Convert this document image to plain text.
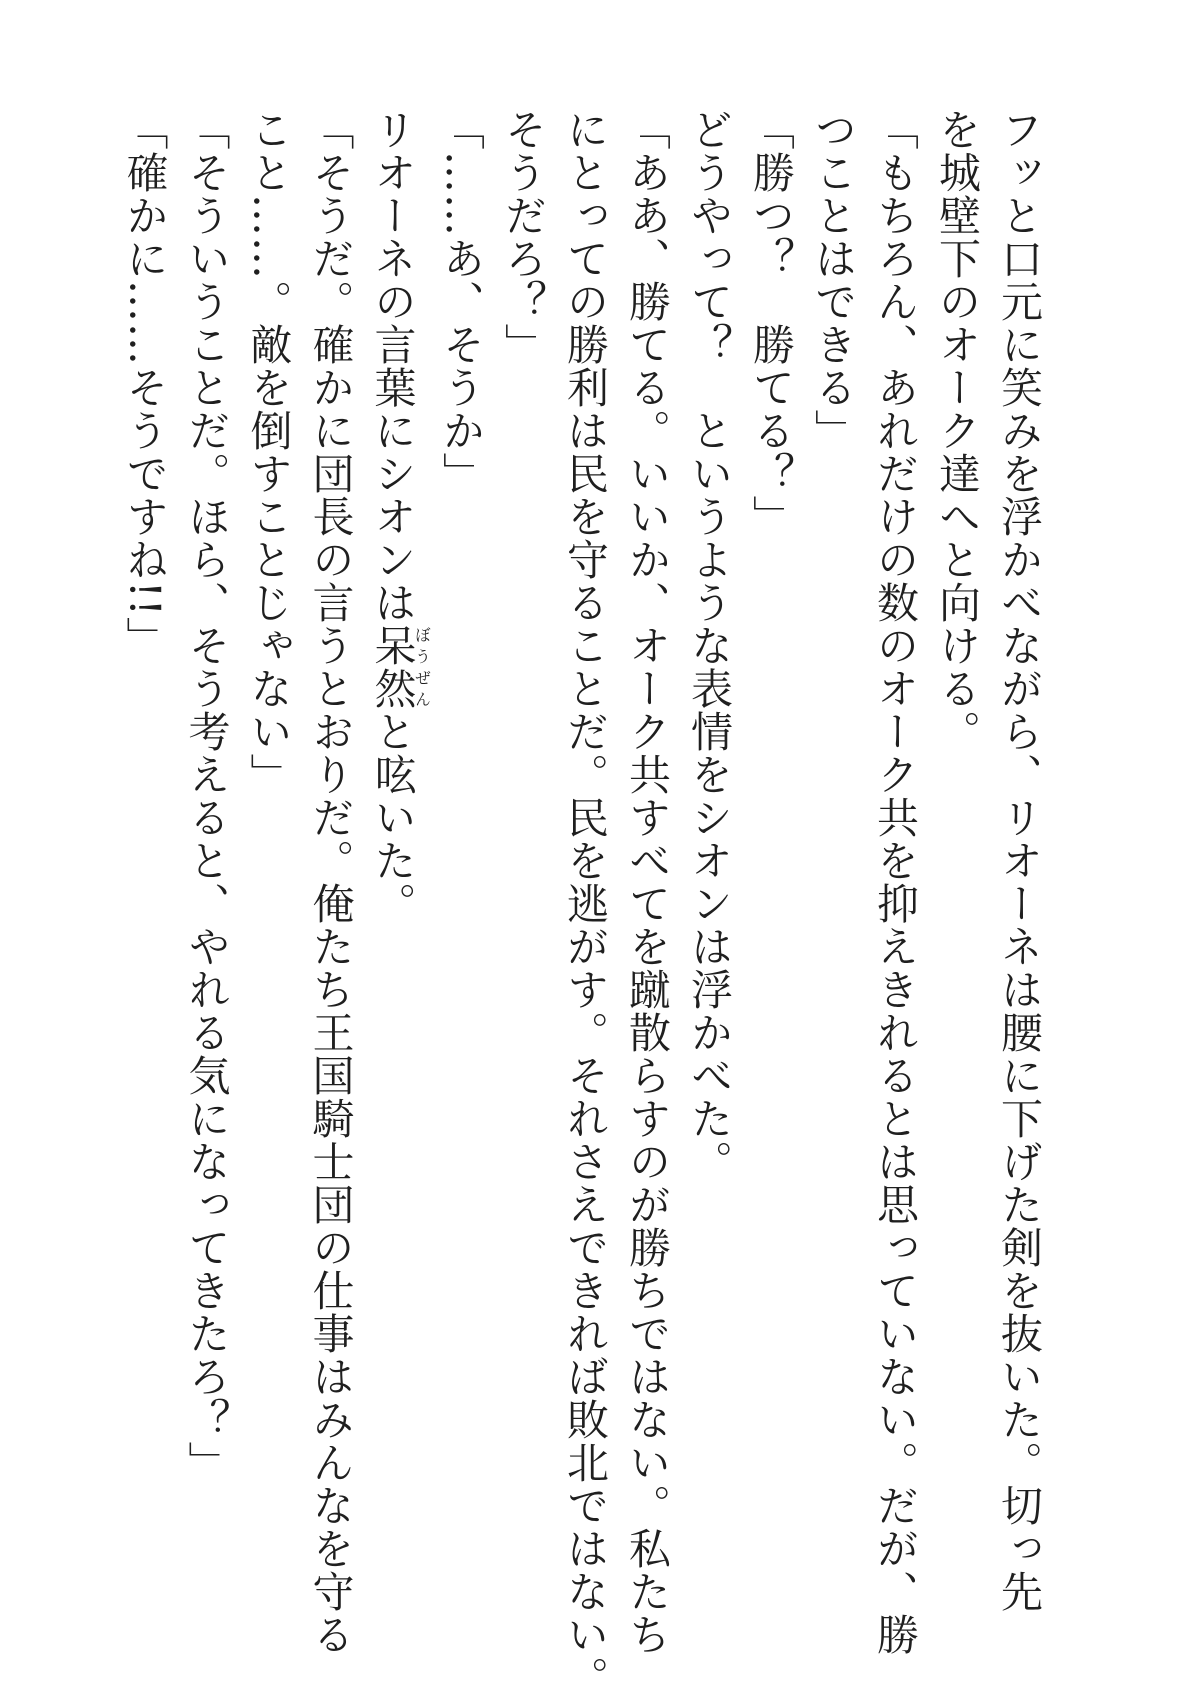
フッと口元に笑みを浮かべながら、リオーネは腰に下げた剣を抜いた。切っ先
を城壁下のオーク達へと向ける。
「もちろん、あれだけの数のオーク共を抑えきれるとは思っていない。だが、勝
つことはできる」
「勝つ？　勝てる？」
どうやって？　というような表情をシオンは浮かべた。
「ああ、勝てる。いいか、オーク共すべてを蹴散らすのが勝ちではない。私たち
にとっての勝利は民を守ることだ。民を逃がす。それさえできれば敗北ではない。
そうだろ？」
「……あ、そうか」
リオーネの言葉にシオンは呆然ぼうぜんと呟いた。
「そうだ。確かに団長の言うとおりだ。俺たち王国騎士団の仕事はみんなを守る
こと……。敵を倒すことじゃない」
「そういうことだ。ほら、そう考えると、やれる気になってきたろ？」
「確かに……そうですね!!」
